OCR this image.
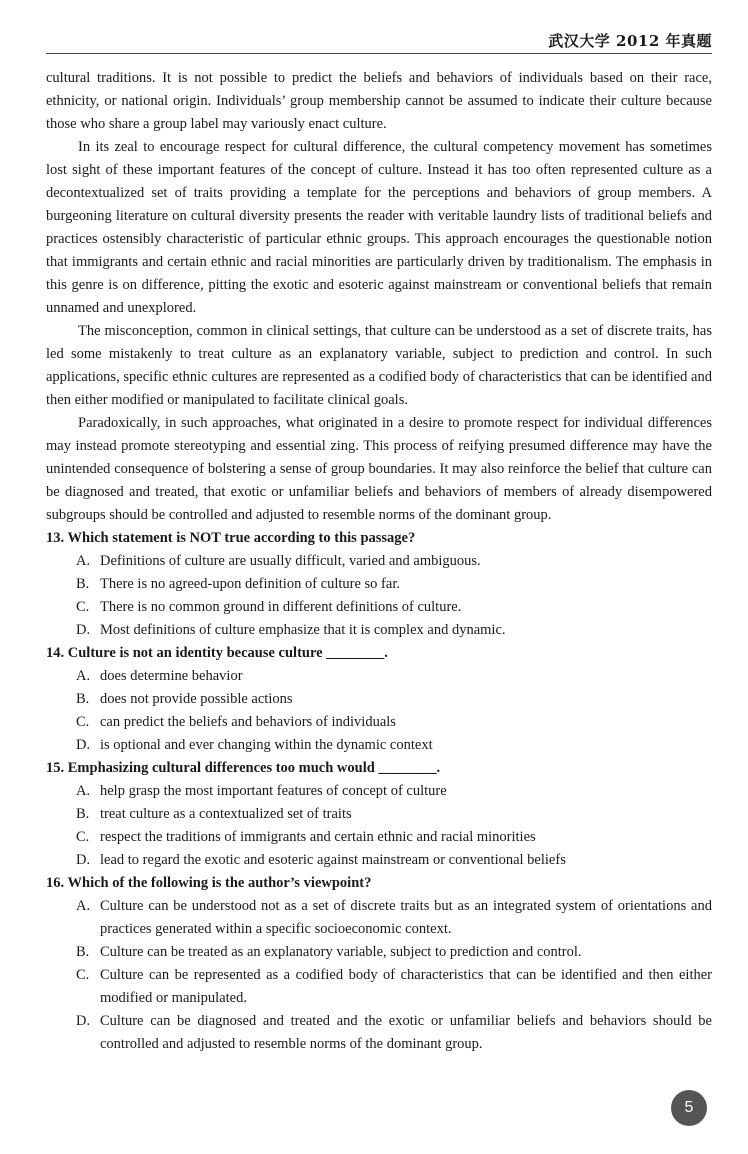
武汉大学 2012 年真题

cultural traditions. It is not possible to predict the beliefs and behaviors of individuals based on their race, ethnicity, or national origin. Individuals’ group membership cannot be assumed to indicate their culture because those who share a group label may variously enact culture.

In its zeal to encourage respect for cultural difference, the cultural competency movement has sometimes lost sight of these important features of the concept of culture. Instead it has too often represented culture as a decontextualized set of traits providing a template for the perceptions and behaviors of group members. A burgeoning literature on cultural diversity presents the reader with veritable laundry lists of traditional beliefs and practices ostensibly characteristic of particular ethnic groups. This approach encourages the questionable notion that immigrants and certain ethnic and racial minorities are particularly driven by traditionalism. The emphasis in this genre is on difference, pitting the exotic and esoteric against mainstream or conventional beliefs that remain unnamed and unexplored.

The misconception, common in clinical settings, that culture can be understood as a set of discrete traits, has led some mistakenly to treat culture as an explanatory variable, subject to prediction and control. In such applications, specific ethnic cultures are represented as a codified body of characteristics that can be identified and then either modified or manipulated to facilitate clinical goals.

Paradoxically, in such approaches, what originated in a desire to promote respect for individual differences may instead promote stereotyping and essential zing. This process of reifying presumed difference may have the unintended consequence of bolstering a sense of group boundaries. It may also reinforce the belief that culture can be diagnosed and treated, that exotic or unfamiliar beliefs and behaviors of members of already disempowered subgroups should be controlled and adjusted to resemble norms of the dominant group.

13. Which statement is NOT true according to this passage?

A. Definitions of culture are usually difficult, varied and ambiguous.
B. There is no agreed-upon definition of culture so far.
C. There is no common ground in different definitions of culture.
D. Most definitions of culture emphasize that it is complex and dynamic.

14. Culture is not an identity because culture ________.

A. does determine behavior
B. does not provide possible actions
C. can predict the beliefs and behaviors of individuals
D. is optional and ever changing within the dynamic context

15. Emphasizing cultural differences too much would ________.

A. help grasp the most important features of concept of culture
B. treat culture as a contextualized set of traits
C. respect the traditions of immigrants and certain ethnic and racial minorities
D. lead to regard the exotic and esoteric against mainstream or conventional beliefs

16. Which of the following is the author’s viewpoint?

A. Culture can be understood not as a set of discrete traits but as an integrated system of orientations and practices generated within a specific socioeconomic context.
B. Culture can be treated as an explanatory variable, subject to prediction and control.
C. Culture can be represented as a codified body of characteristics that can be identified and then either modified or manipulated.
D. Culture can be diagnosed and treated and the exotic or unfamiliar beliefs and behaviors should be controlled and adjusted to resemble norms of the dominant group.
5
